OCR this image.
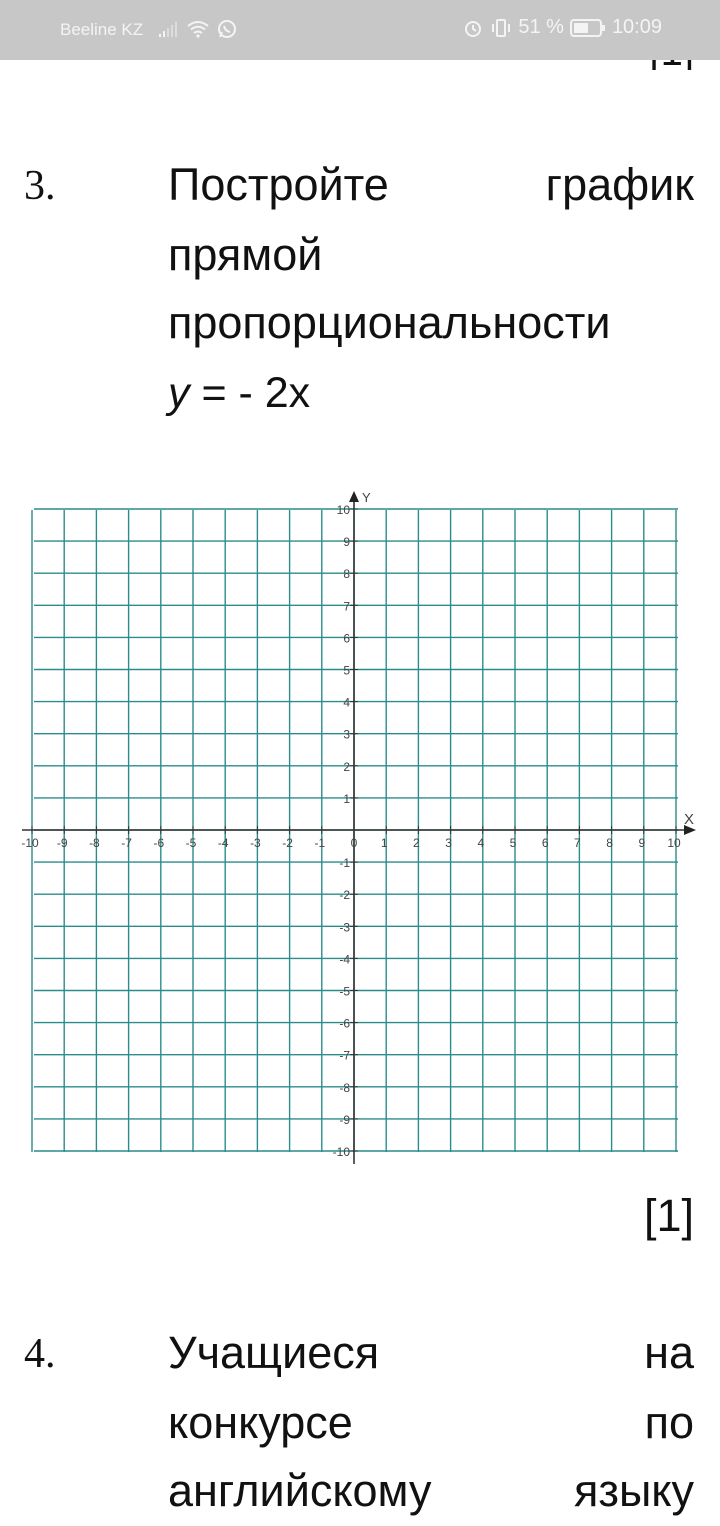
Beeline KZ	51 % 10:09
3.	Постройте	график
прямой
пропорциональности
y = - 2x
X
Y
-10 -9 -8 -7 -6 -5 -4 -3 -2 -1 0 1 2 3 4 5 6 7 8 9 10
-10
-9
-8
-7
-6
-5
-4
-3
-2
-1
1
2
3
4
5
6
7
8
9
10
[1]
4.	Учащиеся	на
конкурсе	по
английскому	языку
